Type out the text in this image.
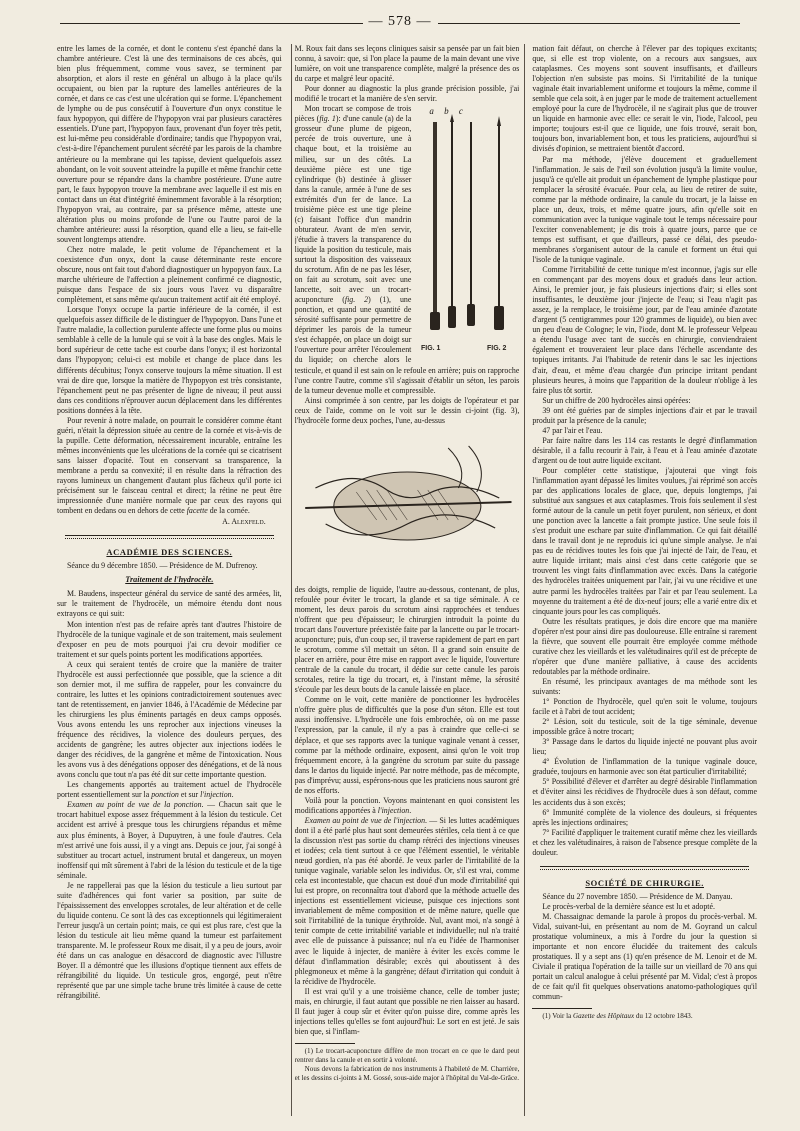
— 578 —

entre les lames de la cornée, et dont le contenu s'est épanché dans la chambre antérieure. C'est là une des terminaisons de ces abcès, qui bien plus fréquemment, comme vous savez, se terminent par absorption, et alors il reste en général un albugo à la place qu'ils occupaient, ou bien par la rupture des lamelles antérieures de la cornée, et dans ce cas c'est une ulcération qui se forme. L'épanchement de lymphe ou de pus consécutif à l'ouverture d'un onyx constitue le faux hypopyon, qui diffère de l'hypopyon vrai par plusieurs caractères essentiels. D'une part, l'hypopyon faux, provenant d'un foyer très petit, est lui-même peu considérable d'ordinaire; tandis que l'hypopyon vrai, c'est-à-dire l'épanchement purulent sécrété par les parois de la chambre antérieure ou la membrane qui les tapisse, devient quelquefois assez abondant, on le voit souvent atteindre la pupille et même franchir cette ouverture pour se répandre dans la chambre postérieure. D'une autre part, le faux hypopyon trouve la membrane avec laquelle il est mis en contact dans un état d'intégrité éminemment favorable à la résorption; l'hypopyon vrai, au contraire, par sa présence même, atteste une altération plus ou moins profonde de l'une ou l'autre paroi de la chambre antérieure: aussi la résorption, quand elle a lieu, se fait-elle souvent longtemps attendre.

Chez notre malade, le petit volume de l'épanchement et la coexistence d'un onyx, dont la cause déterminante reste encore obscure, nous ont fait tout d'abord diagnostiquer un hypopyon faux. La marche ultérieure de l'affection a pleinement confirmé ce diagnostic, puisque dans l'espace de six jours vous l'avez vu disparaître complètement, et sans même qu'aucun traitement actif ait été employé.

Lorsque l'onyx occupe la partie inférieure de la cornée, il est quelquefois assez difficile de le distinguer de l'hypopyon. Dans l'une et l'autre maladie, la collection purulente affecte une forme plus ou moins semblable à celle de la lunule qui se voit à la base des ongles. Mais le bord supérieur de cette tache est courbe dans l'onyx; il est horizontal dans l'hypopyon; celui-ci est mobile et change de place dans les différents décubitus; l'onyx conserve toujours la même situation. Il est vrai de dire que, lorsque la matière de l'hypopyon est très consistante, l'épanchement peut ne pas présenter de ligne de niveau; il peut aussi dans ces conditions n'éprouver aucun déplacement dans les différentes positions données à la tête.

Pour revenir à notre malade, on pourrait le considérer comme étant guéri, n'était la dépression située au centre de la cornée et vis-à-vis de la pupille. Cette déformation, nécessairement incurable, entraîne les mêmes inconvénients que les ulcérations de la cornée qui se cicatrisent sans laisser d'opacité. Tout en conservant sa transparence, la membrane a perdu sa convexité; il en résulte dans la réfraction des rayons lumineux un changement d'autant plus fâcheux qu'il porte ici précisément sur le faisceau central et direct; la rétine ne peut être impressionnée d'une manière normale que par ceux des rayons qui tombent en dedans ou en dehors de cette facette de la cornée.

A. Alexfeld.
ACADÉMIE DES SCIENCES.

Séance du 9 décembre 1850. — Présidence de M. Dufrenoy.

Traitement de l'hydrocèle.

M. Baudens, inspecteur général du service de santé des armées, lit, sur le traitement de l'hydrocèle, un mémoire étendu dont nous extrayons ce qui suit:

Mon intention n'est pas de refaire après tant d'autres l'histoire de l'hydrocèle de la tunique vaginale et de son traitement, mais seulement d'exposer en peu de mots pourquoi j'ai cru devoir modifier ce traitement et sur quels points portent les modifications apportées.

A ceux qui seraient tentés de croire que la manière de traiter l'hydrocèle est aussi perfectionnée que possible, que la science a dit son dernier mot, il me suffira de rappeler, pour les convaincre du contraire, les luttes et les opinions contradictoirement soutenues avec tant de retentissement, en janvier 1846, à l'Académie de Médecine par les chirurgiens les plus éminents partagés en deux camps opposés. Vous avons entendu les uns reprocher aux injections vineuses la fréquence des récidives, la violence des douleurs perçues, des accidents de gangrène; les autres objecter aux injections iodées le danger des récidives, de la gangrène et même de l'intoxication. Nous les avons vus à des dénégations opposer des dénégations, et de là nous avons conclu que tout n'a pas été dit sur cette importante question.

Les changements apportés au traitement actuel de l'hydrocèle portent essentiellement sur la ponction et sur l'injection.

Examen au point de vue de la ponction. — Chacun sait que le trocart habituel expose assez fréquemment à la lésion du testicule. Cet accident est arrivé à presque tous les chirurgiens répandus et même aux plus éminents, à Boyer, à Dupuytren, à une foule d'autres. Cela m'est arrivé une fois aussi, il y a vingt ans. Depuis ce jour, j'ai songé à substituer au trocart actuel, instrument brutal et dangereux, un moyen inoffensif qui mît sûrement à l'abri de la lésion du testicule et de la tige séminale.

Je ne rappellerai pas que la lésion du testicule a lieu surtout par suite d'adhérences qui font varier sa position, par suite de l'épaississement des enveloppes scrotales, de leur altération et de celle du liquide contenu. Ce sont là des cas exceptionnels qui légitimeraient l'erreur jusqu'à un certain point; mais, ce qui est plus rare, c'est que la lésion du testicule ait lieu même quand la tumeur est parfaitement transparente. M. le professeur Roux me disait, il y a peu de jours, avoir été dans un cas analogue en désaccord de diagnostic avec l'illustre Boyer. Il a démontré que les illusions d'optique tiennent aux effets de réfrangibilité du liquide. Un testicule gros, engorgé, peut n'être représenté que par une simple tache brune très limitée à cause de cette réfrangibilité.

M. Roux fait dans ses leçons cliniques saisir sa pensée par un fait bien connu, à savoir: que, si l'on place la paume de la main devant une vive lumière, on voit une transparence complète, malgré la présence des os du carpe et malgré leur opacité.

Pour donner au diagnostic la plus grande précision possible, j'ai modifié le trocart et la manière de s'en servir.

a b c
FIG. 1	FIG. 2

Mon trocart se compose de trois pièces (fig. 1): d'une canule (a) de la grosseur d'une plume de pigeon, percée de trois ouverture, une à chaque bout, et la troisième au milieu, sur un des côtés. La deuxième pièce est une tige cylindrique (b) destinée à glisser dans la canule, armée à l'une de ses extrémités d'un fer de lance. La troisième pièce est une tige pleine (c) faisant l'office d'un mandrin obturateur. Avant de m'en servir, j'étudie à travers la transparence du liquide la position du testicule, mais surtout la disposition des vaisseaux du scrotum. Afin de ne pas les léser, on fait au scrotum, soit avec une lancette, soit avec un trocart-acuponcture (fig. 2) (1), une ponction, et quand une quantité de sérosité suffisante pour permettre de déprimer les parois de la tumeur s'est échappée, on place un doigt sur l'ouverture pour arrêter l'écoulement du liquide; on cherche alors le testicule, et quand il est sain on le refoule en arrière; puis on rapproche l'une contre l'autre, comme s'il s'agissait d'établir un séton, les parois de la tumeur devenue molle et compressible.

Ainsi comprimée à son centre, par les doigts de l'opérateur et par ceux de l'aide, comme on le voit sur le dessin ci-joint (fig. 3), l'hydrocèle forme deux poches, l'une, au-dessus

des doigts, remplie de liquide, l'autre au-dessous, contenant, de plus, refoulée pour éviter le trocart, la glande et sa tige séminale. A ce moment, les deux parois du scrotum ainsi rapprochées et tendues n'offrent que peu d'épaisseur; le chirurgien introduit la pointe du trocart dans l'ouverture préexistée faite par la lancette ou par le trocart-acuponcture; puis, d'un coup sec, il traverse rapidement de part en part le scrotum, comme s'il mettait un séton. Il a grand soin ensuite de placer en arrière, pour être mise en rapport avec le liquide, l'ouverture centrale de la canule du trocart, il dédie sur cette canule les parois scrotales, retire la tige du trocart, et, à l'instant même, la sérosité s'écoule par les deux bouts de la canule laissée en place.

Comme on le voit, cette manière de ponctionner les hydrocèles n'offre guère plus de difficultés que la pose d'un séton. Elle est tout aussi inoffensive. L'hydrocèle une fois embrochée, où on me passe l'expression, par la canule, il n'y a pas à craindre que celle-ci se déplace, et que ses rapports avec la tunique vaginale venant à cesser, comme par la méthode ordinaire, exposent, ainsi qu'on le voit trop fréquemment encore, à la gangrène du scrotum par suite du passage dans le dartos du liquide injecté. Par notre méthode, pas de mécompte, pas d'imprévu; aussi, espérons-nous que les praticiens nous sauront gré de nos efforts.

Voilà pour la ponction. Voyons maintenant en quoi consistent les modifications apportées à l'injection.

Examen au point de vue de l'injection. — Si les luttes académiques dont il a été parlé plus haut sont demeurées stériles, cela tient à ce que la discussion n'est pas sortie du champ rétréci des injections vineuses et iodées; cela tient surtout à ce que l'élément essentiel, le véritable nœud gordien, n'a pas été abordé. Je veux parler de l'irritabilité de la tunique vaginale, variable selon les individus. Or, s'il est vrai, comme cela est incontestable, que chacun est doué d'un mode d'irritabilité qui lui est propre, on reconnaîtra tout d'abord que la méthode actuelle des injections est essentiellement vicieuse, puisque ces injections sont invariablement de même composition et de même nature, quelle que soit l'irritabilité de la tunique érythroïde. Nul, avant moi, n'a songé à tenir compte de cette irritabilité variable et individuelle; nul n'a traité avec elle de puissance à puissance; nul n'a eu l'idée de l'harmoniser avec le liquide à injecter, de manière à éviter les excès comme le défaut d'inflammation désirable; excès qui aboutissent à des phlegmoneux et même à la gangrène; défaut d'irritation qui conduit à la récidive de l'hydrocèle.

Il est vrai qu'il y a une troisième chance, celle de tomber juste; mais, en chirurgie, il faut autant que possible ne rien laisser au hasard. Il faut juger à coup sûr et éviter qu'on puisse dire, comme après les injections telles qu'elles se font aujourd'hui: Le sort en est jeté. Je sais bien que, si l'inflam-

(1) Le trocart-acuponcture diffère de mon trocart en ce que le dard peut rentrer dans la canule et en sortir à volonté.

Nous devons la fabrication de nos instruments à l'habileté de M. Charrière, et les dessins ci-joints à M. Gossé, sous-aide major à l'hôpital du Val-de-Grâce.

mation fait défaut, on cherche à l'élever par des topiques excitants; que, si elle est trop violente, on a recours aux sangsues, aux cataplasmes. Ces moyens sont souvent insuffisants, et d'ailleurs l'objection n'en subsiste pas moins. Si l'irritabilité de la tunique vaginale était invariablement uniforme et toujours la même, comme il semble que cela soit, à en juger par le mode de traitement actuellement employé pour la cure de l'hydrocèle, il ne s'agirait plus que de trouver un liquide en harmonie avec elle: ce serait le vin, l'iode, l'alcool, peu importe; toujours est-il que ce liquide, une fois trouvé, serait bon, toujours bon, invariablement bon, et tous les praticiens, aujourd'hui si divisés d'opinion, se mettraient bientôt d'accord.

Par ma méthode, j'élève doucement et graduellement l'inflammation. Je sais de l'œil son évolution jusqu'à la limite voulue, jusqu'à ce qu'elle ait produit un épanchement de lymphe plastique pour remplacer la sérosité évacuée. Pour cela, au lieu de retirer de suite, comme par la méthode ordinaire, la canule du trocart, je la laisse en place un, deux, trois, et même quatre jours, afin qu'elle soit en communication avec la tunique vaginale tout le temps nécessaire pour l'exciter convenablement; je dis trois à quatre jours, parce que ce temps est suffisant, et que d'ailleurs, passé ce délai, des pseudo-membranes s'organisent autour de la canule et forment un étui qui l'isole de la tunique vaginale.

Comme l'irritabilité de cette tunique m'est inconnue, j'agis sur elle en commençant par des moyens doux et gradués dans leur action. Ainsi, le premier jour, je fais plusieurs injections d'air; si elles sont insuffisantes, le deuxième jour j'injecte de l'eau; si l'eau n'agit pas assez, je la remplace, le troisième jour, par de l'eau aminée d'azotate d'argent (5 centigrammes pour 120 grammes de liquide), ou bien avec un peu d'eau de Cologne; le vin, l'iode, dont M. le professeur Velpeau a étendu l'usage avec tant de succès en chirurgie, conviendraient également et trouveraient leur place dans l'échelle ascendante des topiques irritants. J'ai l'habitude de retenir dans le sac les injections d'air, d'eau, et même d'eau chargée d'un principe irritant pendant plusieurs heures, à moins que l'apparition de la douleur n'oblige à les faire plus tôt sortir.

Sur un chiffre de 200 hydrocèles ainsi opérées:

39 ont été guéries par de simples injections d'air et par le travail produit par la présence de la canule;

47 par l'air et l'eau.

Par faire naître dans les 114 cas restants le degré d'inflammation désirable, il a fallu recourir à l'air, à l'eau et à l'eau aminée d'azotate d'argent ou de tout autre liquide excitant.

Pour compléter cette statistique, j'ajouterai que vingt fois l'inflammation ayant dépassé les limites voulues, j'ai réprimé son accès par des applications locales de glace, que, depuis longtemps, j'ai substitué aux sangsues et aux cataplasmes. Trois fois seulement il s'est formé autour de la canule un petit foyer purulent, non sérieux, et dont une ponction avec la lancette a fait prompte justice. Une seule fois il s'est produit une eschare par suite d'inflammation. Ce qui fait détaillé dans le travail dont je ne reproduis ici qu'une simple analyse. Je n'ai pas eu de récidives toutes les fois que j'ai injecté de l'air, de l'eau, et autre liquide irritant; mais ainsi c'est dans cette catégorie que se trouvent les vingt faits d'inflammation avec excès. Dans la catégorie des hydrocèles traitées uniquement par l'air, j'ai vu une récidive et une autre parmi les hydrocèles traitées par l'air et par l'eau seulement. La moyenne du traitement a été de dix-neuf jours; elle a varié entre dix et cinquante jours pour les cas compliqués.

Outre les résultats pratiques, je dois dire encore que ma manière d'opérer n'est pour ainsi dire pas douloureuse. Elle entraîne si rarement la fièvre, que souvent elle pourrait être employée comme méthode curative chez les vieillards et les valétudinaires qu'il est de précepte de n'opérer que d'une manière palliative, à cause des accidents redoutables par la méthode ordinaire.

En résumé, les principaux avantages de ma méthode sont les suivants:

1° Ponction de l'hydrocèle, quel qu'en soit le volume, toujours facile et à l'abri de tout accident;

2° Lésion, soit du testicule, soit de la tige séminale, devenue impossible grâce à notre trocart;

3° Passage dans le dartos du liquide injecté ne pouvant plus avoir lieu;

4° Évolution de l'inflammation de la tunique vaginale douce, graduée, toujours en harmonie avec son état particulier d'irritabilité;

5° Possibilité d'élever et d'arrêter au degré désirable l'inflammation et d'éviter ainsi les récidives de l'hydrocèle dues à son défaut, comme les accidents dus à son excès;

6° Immunité complète de la violence des douleurs, si fréquentes après les injections ordinaires;

7° Facilité d'appliquer le traitement curatif même chez les vieillards et chez les valétudinaires, à raison de l'absence presque complète de la douleur.

SOCIÉTÉ DE CHIRURGIE.

Séance du 27 novembre 1850. — Présidence de M. Danyau.

Le procès-verbal de la dernière séance est lu et adopté.

M. Chassaignac demande la parole à propos du procès-verbal. M. Vidal, suivant-lui, en présentant au nom de M. Goyrand un calcul prostatique volumineux, a mis à l'ordre du jour la question si importante et non encore élucidée du traitement des calculs prostatiques. Il y a sept ans (1) qu'en présence de M. Lenoir et de M. Civiale il pratiqua l'opération de la taille sur un vieillard de 70 ans qui portait un calcul analogue à celui présenté par M. Vidal; c'est à propos de ce fait qu'il fit quelques observations anatomo-pathologiques qu'il commun-

(1) Voir la Gazette des Hôpitaux du 12 octobre 1843.
